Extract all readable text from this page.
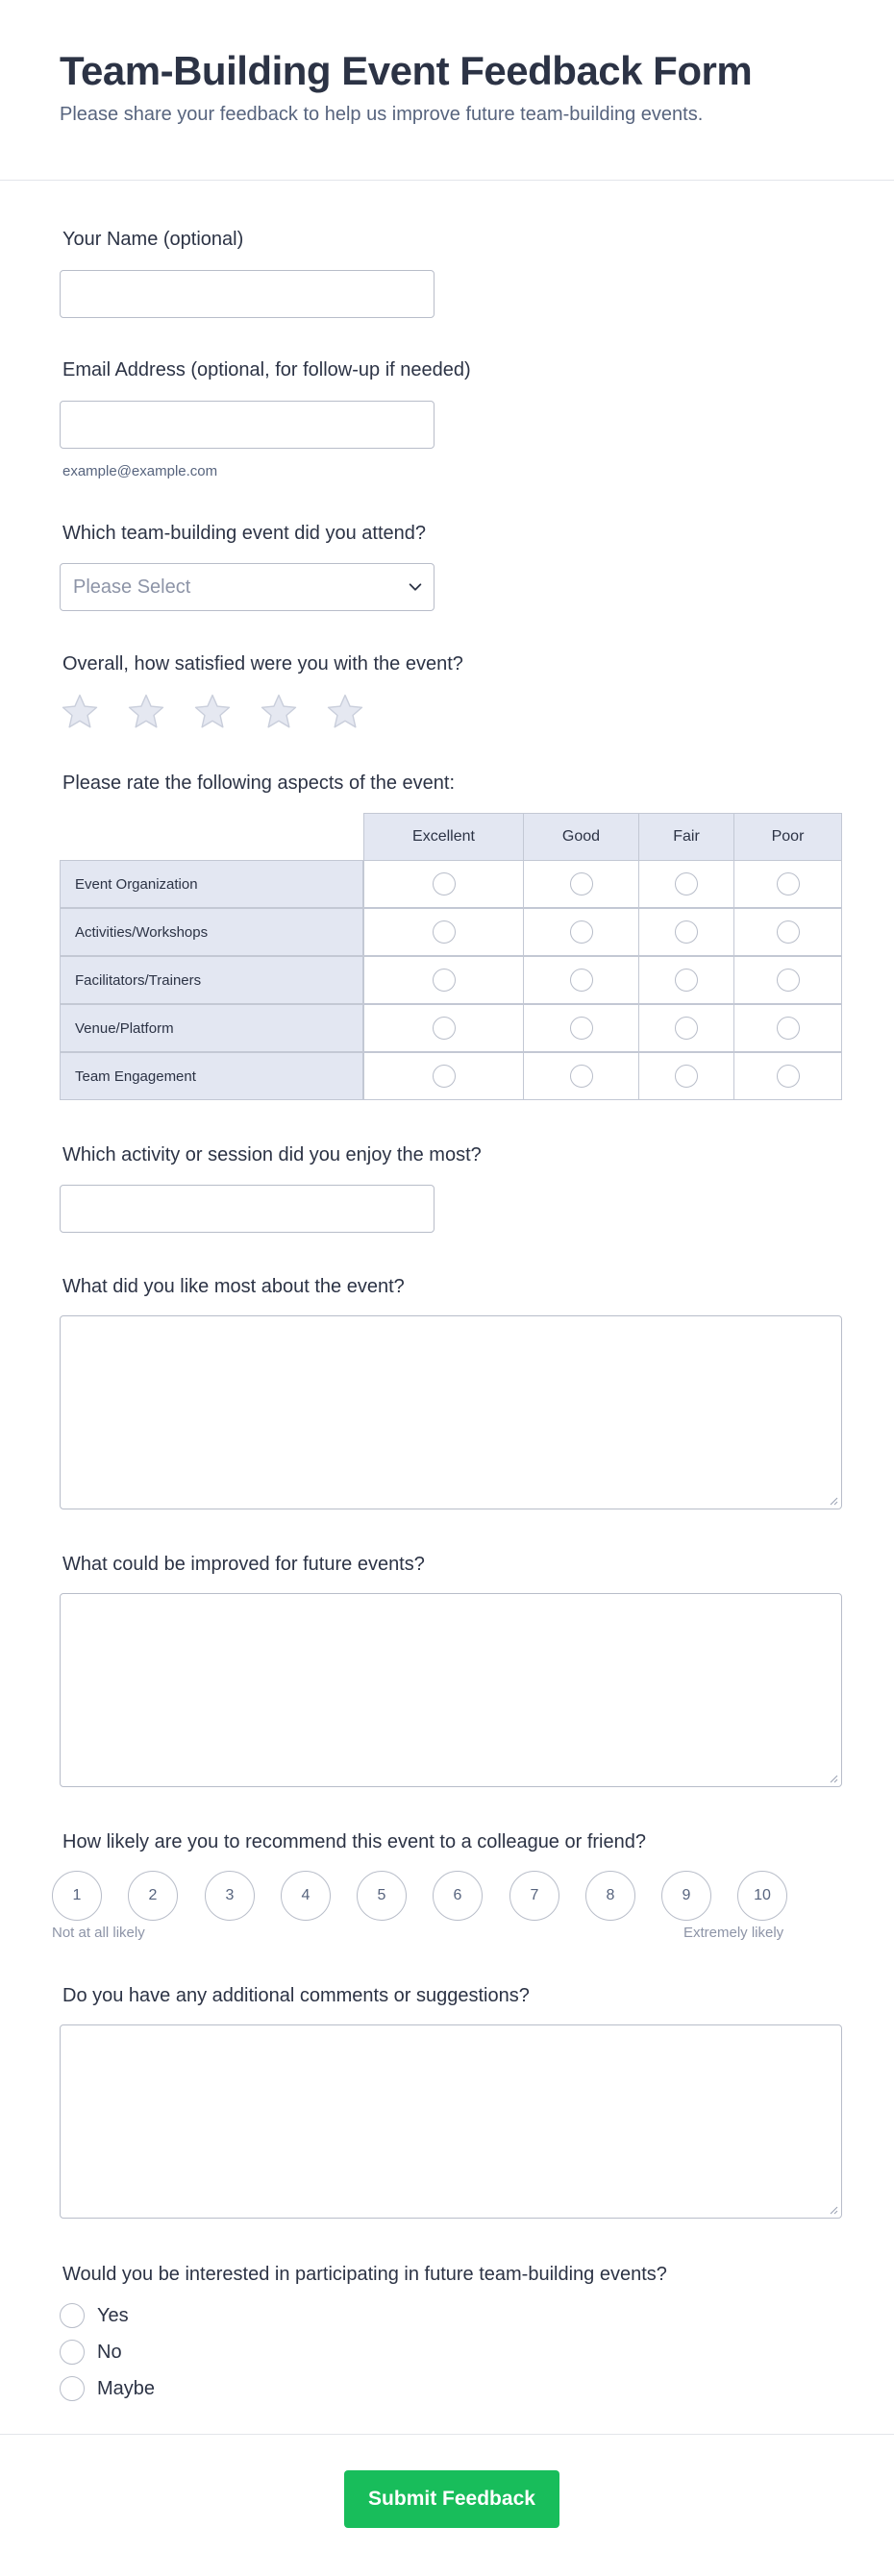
Team-Building Event Feedback Form
Please share your feedback to help us improve future team-building events.
Your Name (optional)
Email Address (optional, for follow-up if needed)
example@example.com
Which team-building event did you attend?
Please Select
Overall, how satisfied were you with the event?
Please rate the following aspects of the event:
Excellent	Good	Fair	Poor
Event Organization
Activities/Workshops
Facilitators/Trainers
Venue/Platform
Team Engagement
Which activity or session did you enjoy the most?
What did you like most about the event?
What could be improved for future events?
How likely are you to recommend this event to a colleague or friend?
1	2	3	4	5	6	7	8	9	10
Not at all likely	Extremely likely
Do you have any additional comments or suggestions?
Would you be interested in participating in future team-building events?
Yes
No
Maybe
Submit Feedback
